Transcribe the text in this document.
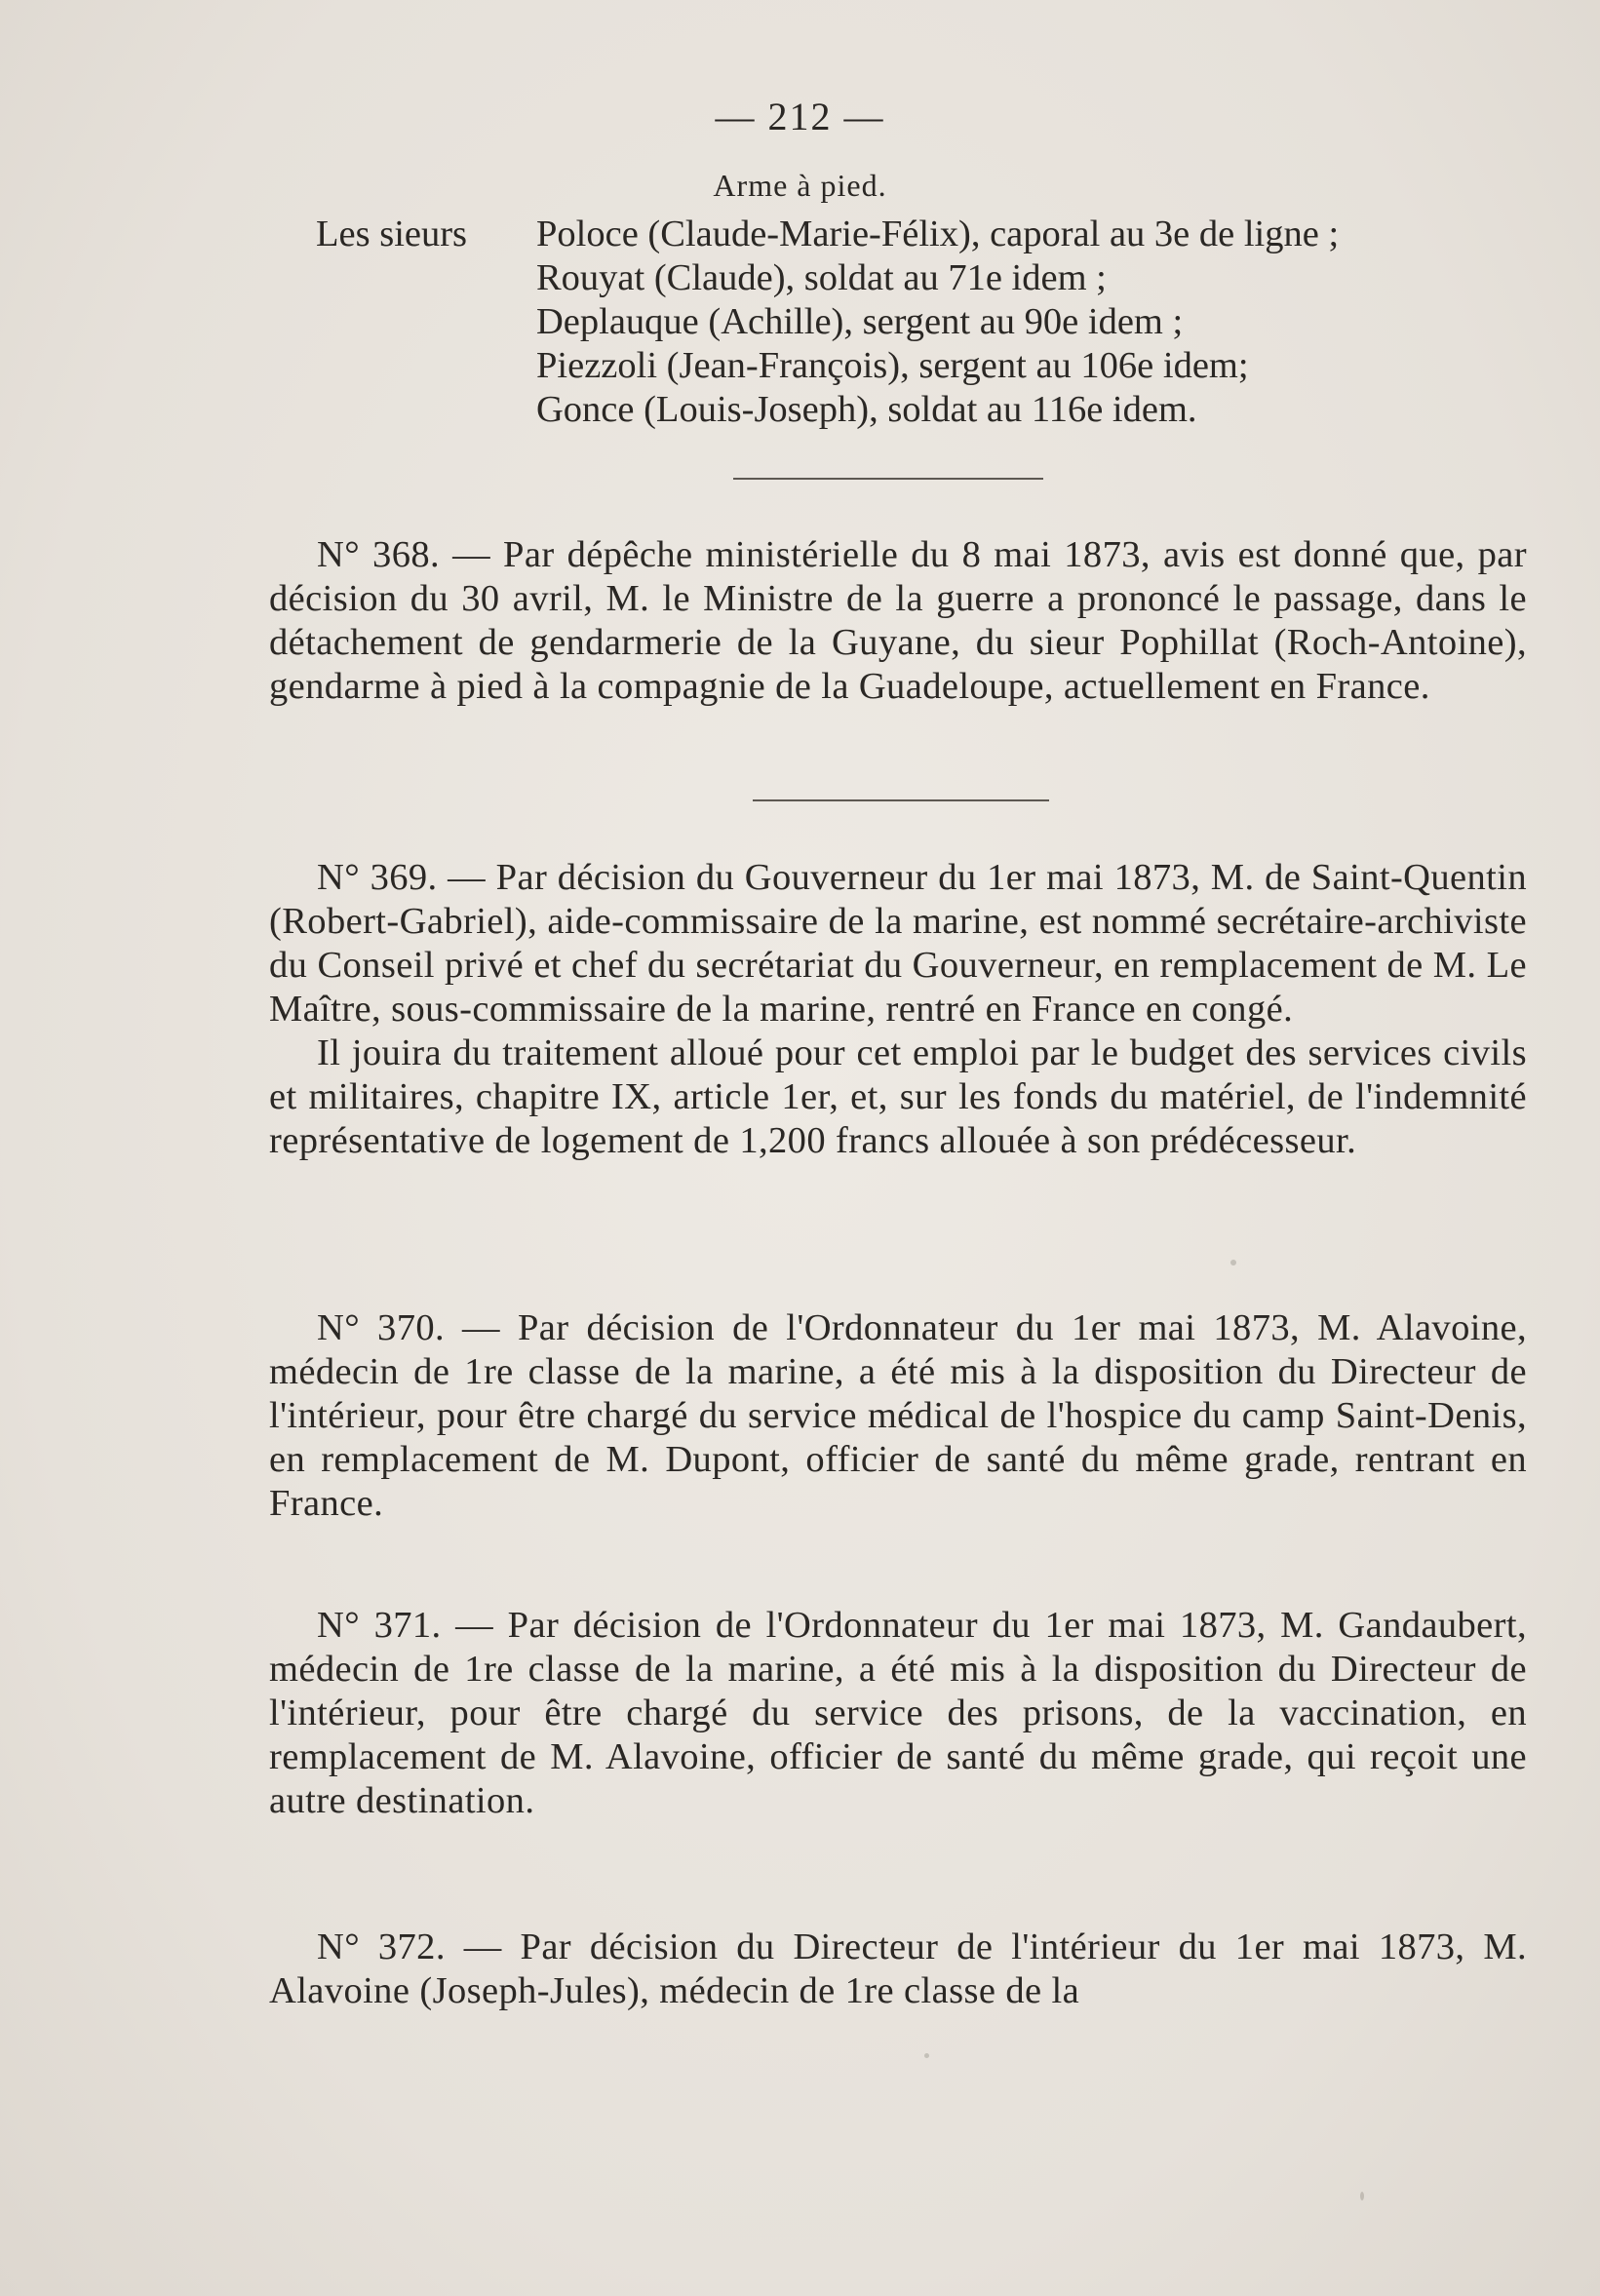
— 212 —
Arme à pied.
Les sieurs	Poloce (Claude-Marie-Félix), caporal au 3e de ligne ;
Rouyat (Claude), soldat au 71e idem ;
Deplauque (Achille), sergent au 90e idem ;
Piezzoli (Jean-François), sergent au 106e idem;
Gonce (Louis-Joseph), soldat au 116e idem.

N° 368. — Par dépêche ministérielle du 8 mai 1873, avis est donné que, par décision du 30 avril, M. le Ministre de la guerre a prononcé le passage, dans le détachement de gendarmerie de la Guyane, du sieur Pophillat (Roch-Antoine), gendarme à pied à la compagnie de la Guadeloupe, actuellement en France.

N° 369. — Par décision du Gouverneur du 1er mai 1873, M. de Saint-Quentin (Robert-Gabriel), aide-commissaire de la marine, est nommé secrétaire-archiviste du Conseil privé et chef du secrétariat du Gouverneur, en remplacement de M. Le Maître, sous-commissaire de la marine, rentré en France en congé.

Il jouira du traitement alloué pour cet emploi par le budget des services civils et militaires, chapitre IX, article 1er, et, sur les fonds du matériel, de l'indemnité représentative de logement de 1,200 francs allouée à son prédécesseur.

N° 370. — Par décision de l'Ordonnateur du 1er mai 1873, M. Alavoine, médecin de 1re classe de la marine, a été mis à la disposition du Directeur de l'intérieur, pour être chargé du service médical de l'hospice du camp Saint-Denis, en remplacement de M. Dupont, officier de santé du même grade, rentrant en France.

N° 371. — Par décision de l'Ordonnateur du 1er mai 1873, M. Gandaubert, médecin de 1re classe de la marine, a été mis à la disposition du Directeur de l'intérieur, pour être chargé du service des prisons, de la vaccination, en remplacement de M. Alavoine, officier de santé du même grade, qui reçoit une autre destination.

N° 372. — Par décision du Directeur de l'intérieur du 1er mai 1873, M. Alavoine (Joseph-Jules), médecin de 1re classe de la
